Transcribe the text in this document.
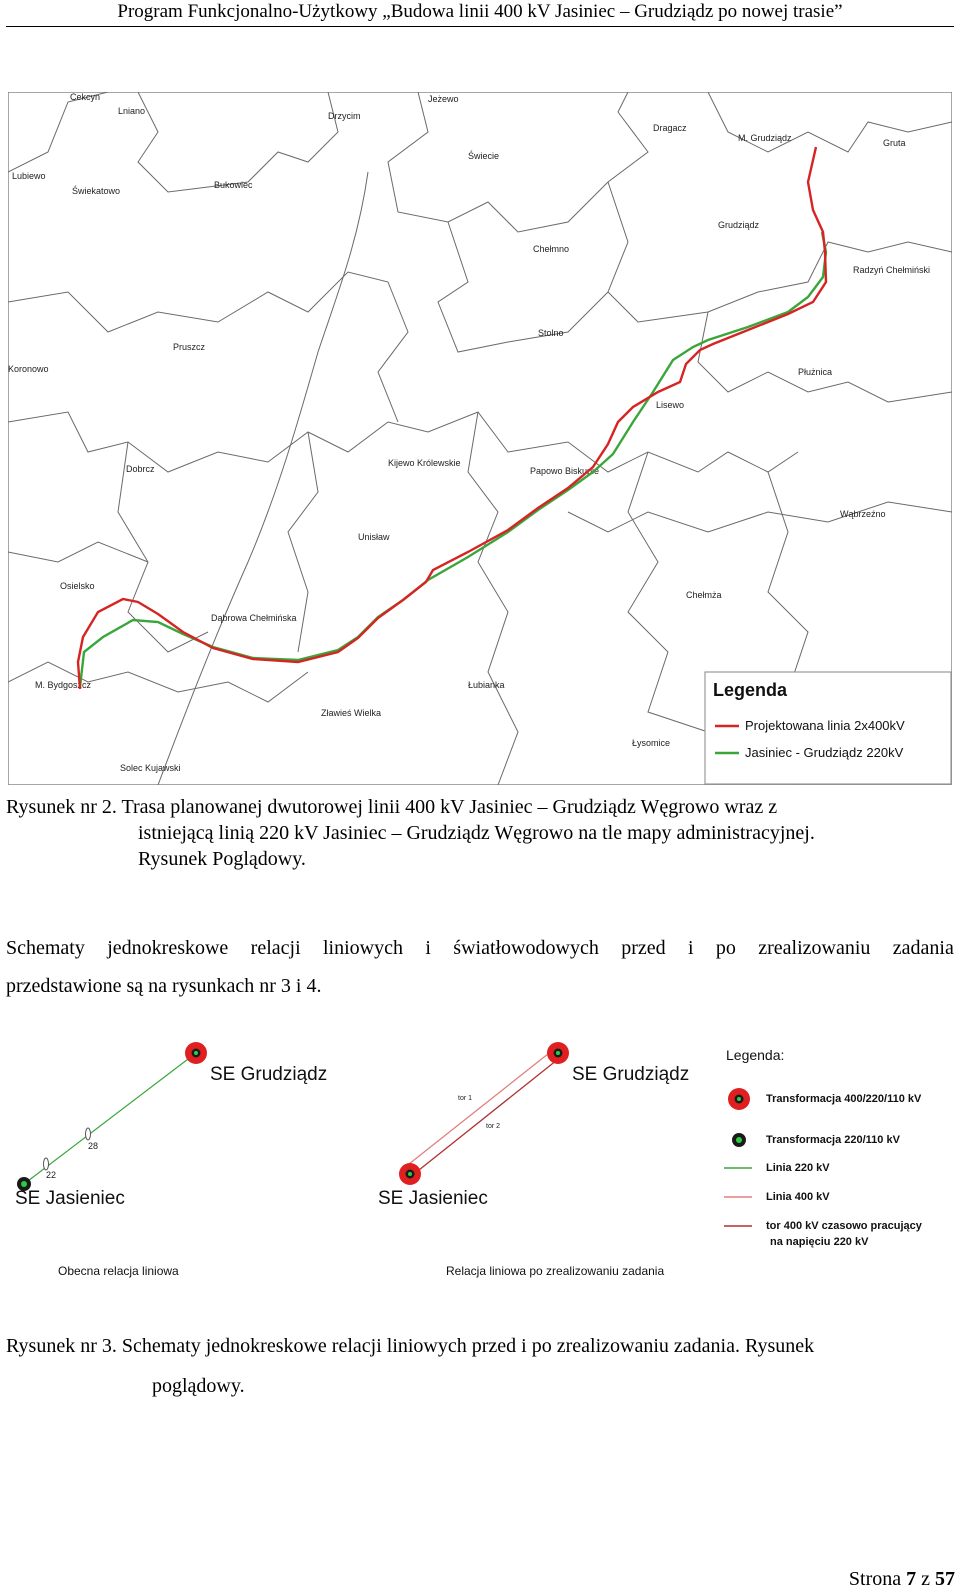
Program Funkcjonalno-Użytkowy „Budowa linii 400 kV Jasiniec – Grudziądz po nowej trasie”
Cekcyn
Lniano	Drzycim
Jeżewo
Dragacz
M. Grudziądz	Gruta
Lubiewo
Świekatowo
Bukowiec
Świecie
Grudziądz
Chełmno
Radzyń Chełmiński
Pruszcz
Stolno
Koronowo	Płużnica
Lisewo
Kijewo Królewskie
Papowo Biskupie
Dobrcz
Wąbrzeźno
Unisław
Osielsko
Chełmża
Dąbrowa Chełmińska
Łubianka
M. Bydgoszcz
Zławieś Wielka
Łysomice
Solec Kujawski
Legenda
Projektowana linia 2x400kV
Jasiniec - Grudziądz 220kV
Rysunek nr 2. Trasa planowanej dwutorowej linii 400 kV Jasiniec – Grudziądz Węgrowo wraz z
istniejącą linią 220 kV Jasiniec – Grudziądz Węgrowo na tle mapy administracyjnej.
Rysunek Poglądowy.
Schematy jednokreskowe relacji liniowych i światłowodowych przed i po zrealizowaniu zadania
przedstawione są na rysunkach nr 3 i 4.
28
22
SE Grudziądz
SE Jasieniec
Obecna relacja liniowa
tor 1
tor 2
SE Grudziądz
SE Jasieniec
Relacja liniowa po zrealizowaniu zadania
Legenda:
Transformacja 400/220/110 kV
Transformacja 220/110 kV
Linia 220 kV
Linia 400 kV
tor 400 kV czasowo pracujący
na napięciu 220 kV
Rysunek nr 3. Schematy jednokreskowe relacji liniowych przed i po zrealizowaniu zadania. Rysunek
poglądowy.
Strona 7 z 57
